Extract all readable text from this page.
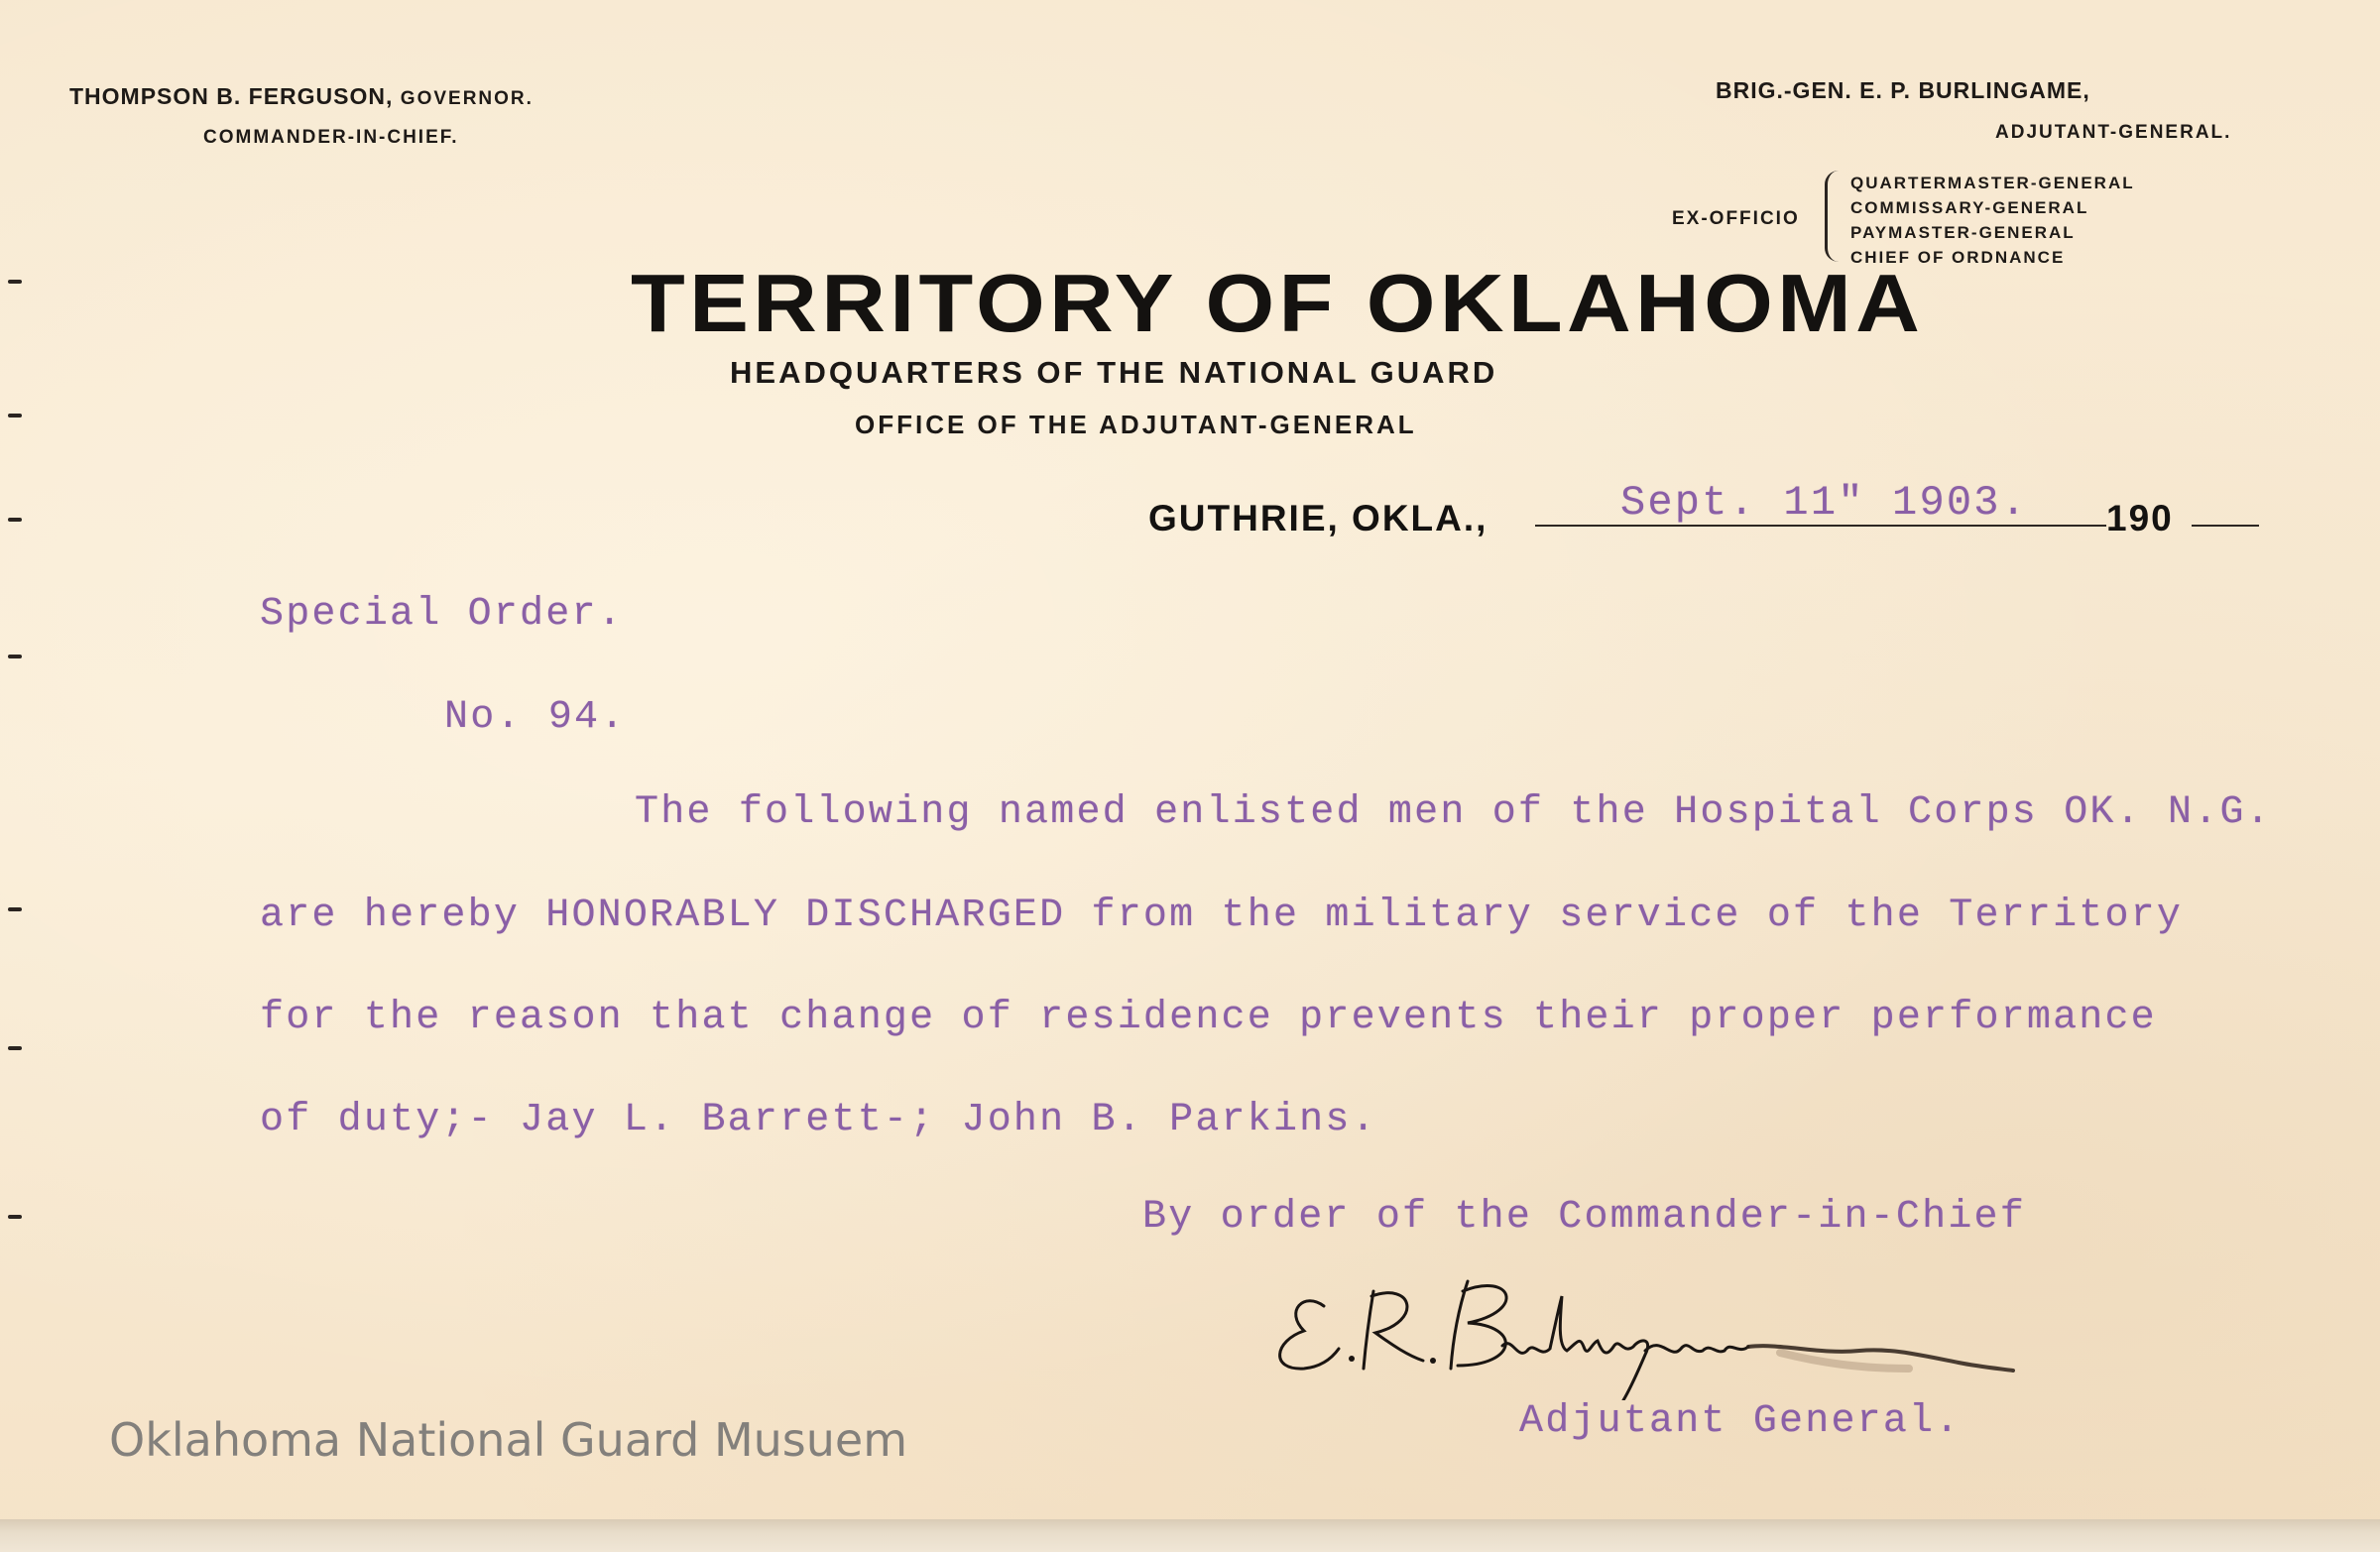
THOMPSON B. FERGUSON, GOVERNOR.
COMMANDER-IN-CHIEF.
BRIG.-GEN. E. P. BURLINGAME,
ADJUTANT-GENERAL.
EX-OFFICIO
QUARTERMASTER-GENERAL
COMMISSARY-GENERAL
PAYMASTER-GENERAL
CHIEF OF ORDNANCE
TERRITORY OF OKLAHOMA
HEADQUARTERS OF THE NATIONAL GUARD
OFFICE OF THE ADJUTANT-GENERAL
GUTHRIE, OKLA.,	Sept. 11" 1903. 190
Special Order.
No. 94.
The following named enlisted men of the Hospital Corps OK. N.G.
are hereby HONORABLY DISCHARGED from the military service of the Territory
for the reason that change of residence prevents their proper performance
of duty;- Jay L. Barrett-; John B. Parkins.
By order of the Commander-in-Chief
Adjutant General.
Oklahoma National Guard Musuem
